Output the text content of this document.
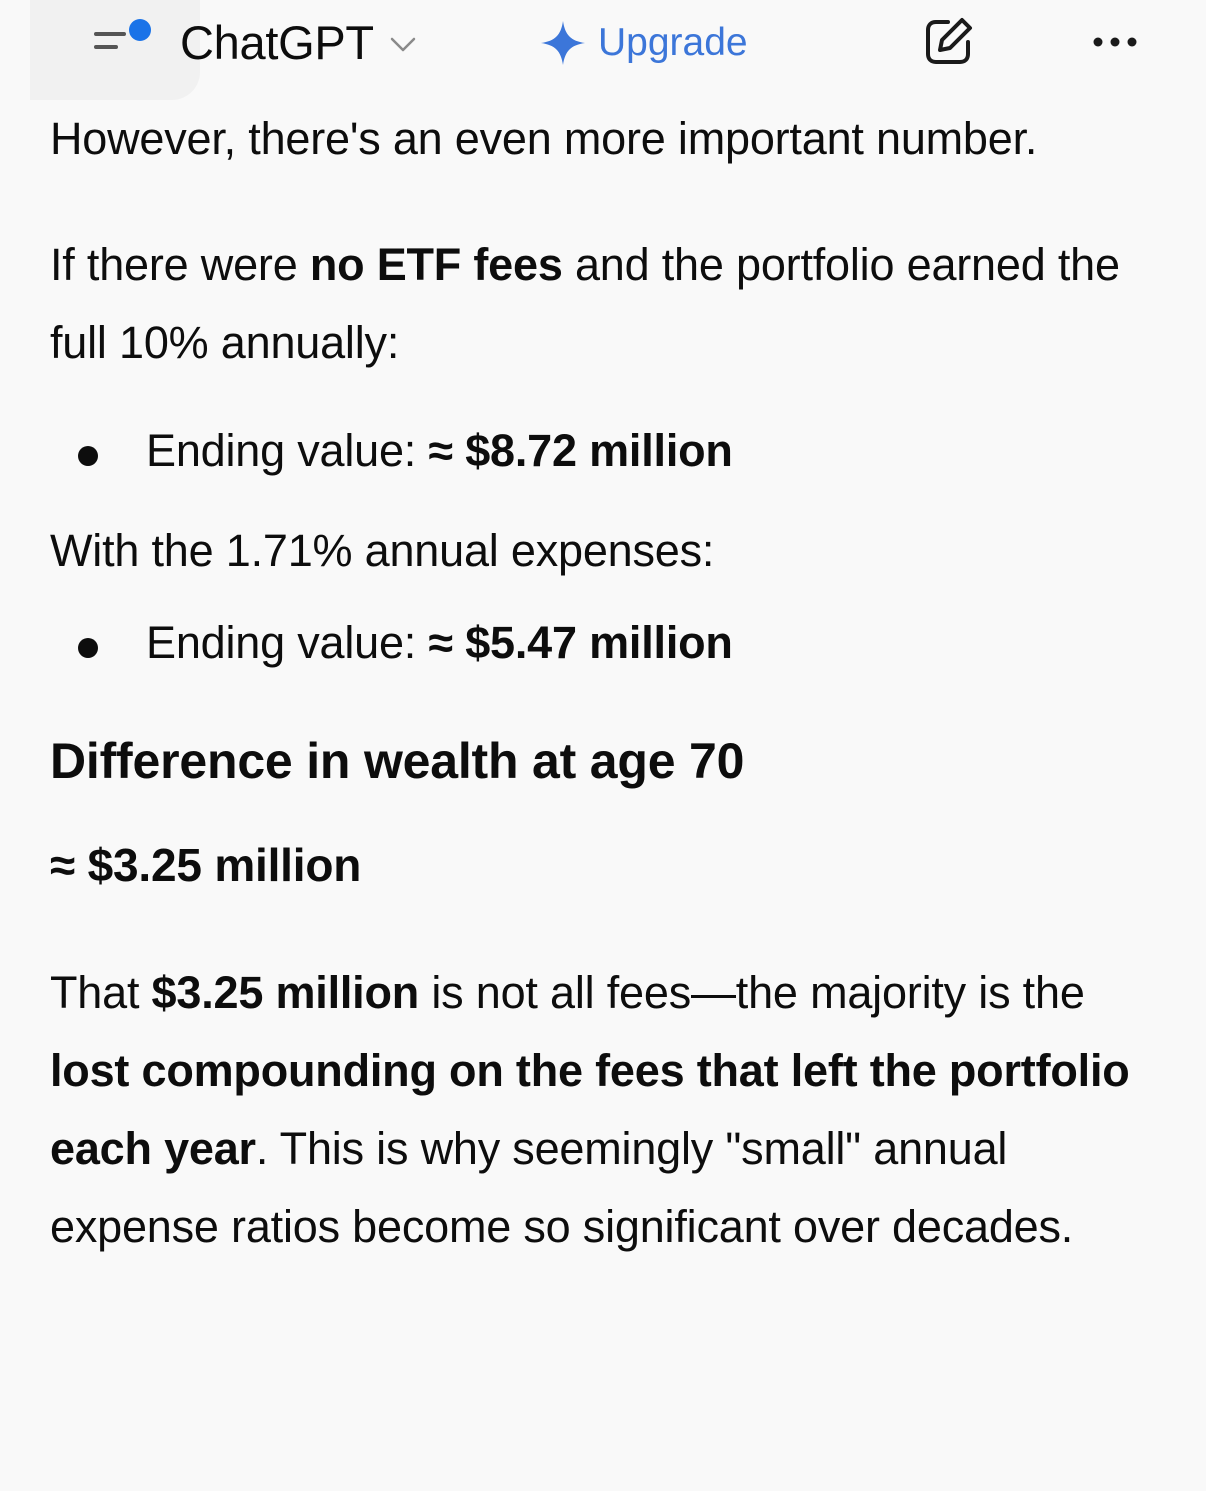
ChatGPT	Upgrade

However, there's an even more important number.

If there were no ETF fees and the portfolio earned the full 10% annually:

Ending value: ≈ $8.72 million

With the 1.71% annual expenses:

Ending value: ≈ $5.47 million

Difference in wealth at age 70

≈ $3.25 million

That $3.25 million is not all fees—the majority is the lost compounding on the fees that left the portfolio each year. This is why seemingly "small" annual expense ratios become so significant over decades.
